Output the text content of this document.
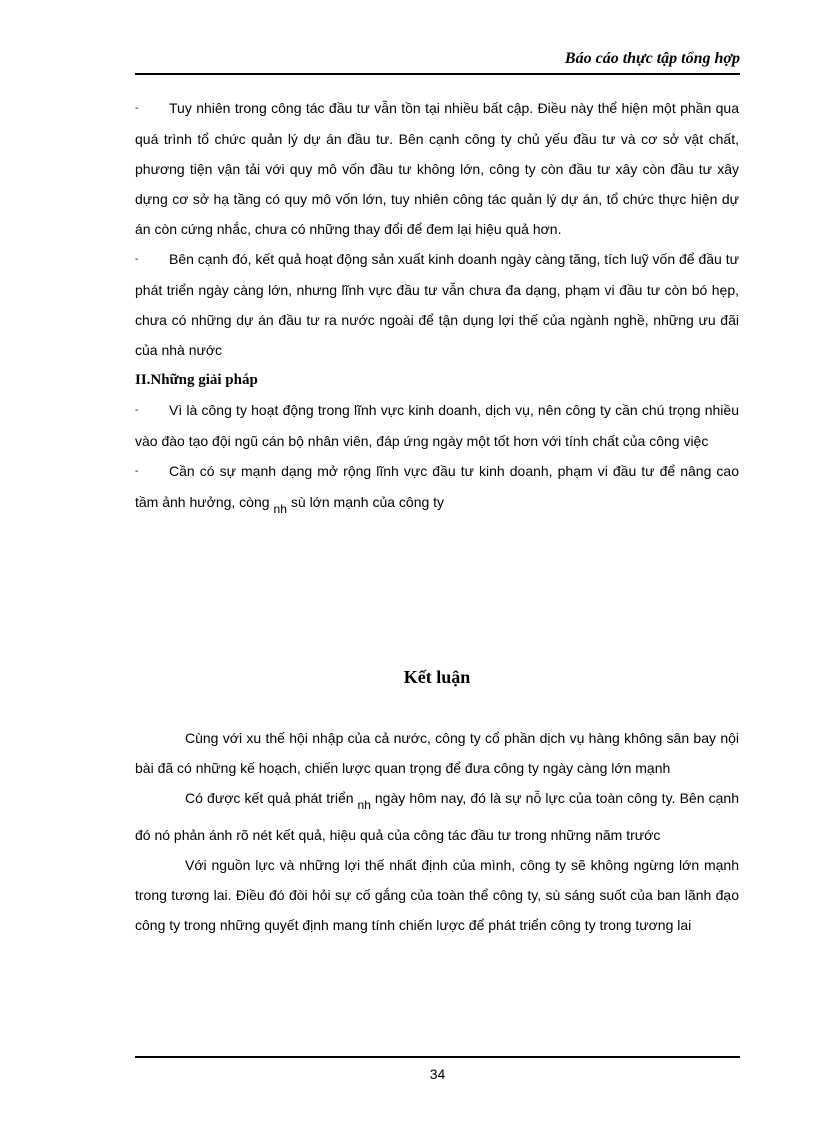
Báo cáo thực tập tổng hợp

- Tuy nhiên trong công tác đầu tư vẫn tồn tại nhiều bất cập. Điều này thể hiện một phần qua quá trình tổ chức quản lý dự án đầu tư. Bên cạnh công ty chủ yếu đầu tư và cơ sở vật chất, phương tiện vận tải với quy mô vốn đầu tư không lớn, công ty còn đầu tư xây còn đầu tư xây dựng cơ sở hạ tầng có quy mô vốn lớn, tuy nhiên công tác quản lý dự án, tổ chức thực hiện dự án còn cứng nhắc, chưa có những thay đổi để đem lại hiệu quả hơn.

- Bên cạnh đó, kết quả hoạt động sản xuất kinh doanh ngày càng tăng, tích luỹ vốn để đầu tư phát triển ngày càng lớn, nhưng lĩnh vực đầu tư vẫn chưa đa dạng, phạm vi đầu tư còn bó hẹp, chưa có những dự án đầu tư ra nước ngoài để tận dụng lợi thế của ngành nghề, những ưu đãi của nhà nước

II.Những giải pháp

- Vì là công ty hoạt động trong lĩnh vực kinh doanh, dịch vụ, nên công ty cần chú trọng nhiều vào đào tạo đội ngũ cán bộ nhân viên, đáp ứng ngày một tốt hơn với tính chất của công việc

- Cần có sự mạnh dạng mở rộng lĩnh vực đầu tư kinh doanh, phạm vi đầu tư để nâng cao tầm ảnh hưởng, còng nh sù lớn mạnh của công ty

Kết luận

Cùng với xu thế hội nhập của cả nước, công ty cổ phần dịch vụ hàng không sân bay nội bài đã có những kế hoạch, chiến lược quan trọng để đưa công ty ngày càng lớn mạnh

Có được kết quả phát triển nh ngày hôm nay, đó là sự nỗ lực của toàn công ty. Bên cạnh đó nó phản ánh rõ nét kết quả, hiệu quả của công tác đầu tư trong những năm trước

Với nguồn lực và những lợi thế nhất định của mình, công ty sẽ không ngừng lớn mạnh trong tương lai. Điều đó đòi hỏi sự cố gắng của toàn thể công ty, sù sáng suốt của ban lãnh đạo công ty trong những quyết định mang tính chiến lược để phát triển công ty trong tương lai

34
